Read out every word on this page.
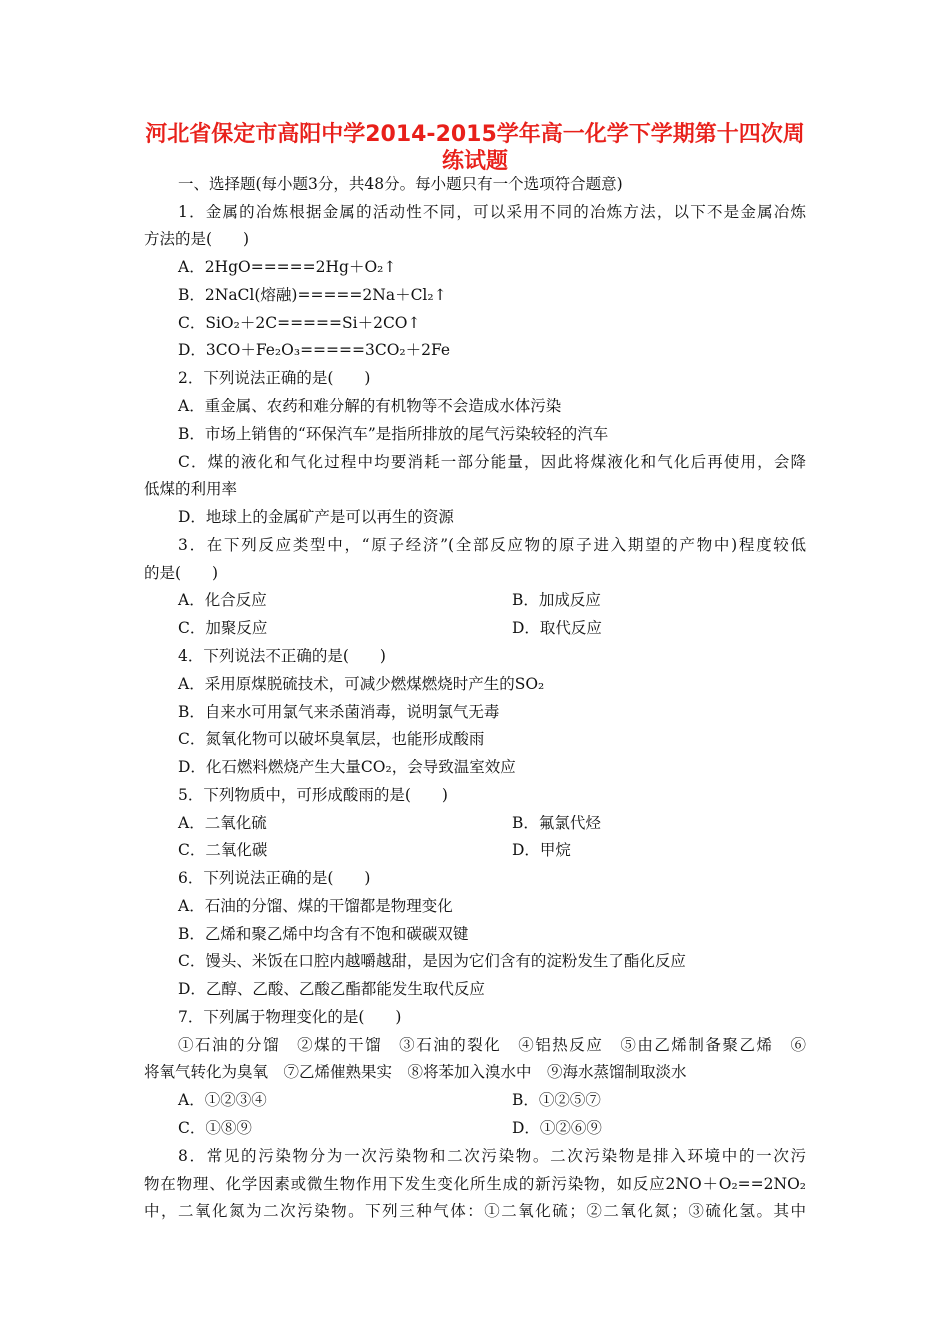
河北省保定市高阳中学2014-2015学年高一化学下学期第十四次周
练试题
一、选择题(每小题3分，共48分。每小题只有一个选项符合题意)
1．金属的冶炼根据金属的活动性不同，可以采用不同的冶炼方法，以下不是金属冶炼
方法的是(　　)
A．2HgO=====2Hg＋O₂↑
B．2NaCl(熔融)=====2Na＋Cl₂↑
C．SiO₂＋2C=====Si＋2CO↑
D．3CO＋Fe₂O₃=====3CO₂＋2Fe
2．下列说法正确的是(　　)
A．重金属、农药和难分解的有机物等不会造成水体污染
B．市场上销售的“环保汽车”是指所排放的尾气污染较轻的汽车
C．煤的液化和气化过程中均要消耗一部分能量，因此将煤液化和气化后再使用，会降
低煤的利用率
D．地球上的金属矿产是可以再生的资源
3．在下列反应类型中，“原子经济”(全部反应物的原子进入期望的产物中)程度较低
的是(　　)
A．化合反应	B．加成反应
C．加聚反应	D．取代反应
4．下列说法不正确的是(　　)
A．采用原煤脱硫技术，可减少燃煤燃烧时产生的SO₂
B．自来水可用氯气来杀菌消毒，说明氯气无毒
C．氮氧化物可以破坏臭氧层，也能形成酸雨
D．化石燃料燃烧产生大量CO₂，会导致温室效应
5．下列物质中，可形成酸雨的是(　　)
A．二氧化硫	B．氟氯代烃
C．二氧化碳	D．甲烷
6．下列说法正确的是(　　)
A．石油的分馏、煤的干馏都是物理变化
B．乙烯和聚乙烯中均含有不饱和碳碳双键
C．馒头、米饭在口腔内越嚼越甜，是因为它们含有的淀粉发生了酯化反应
D．乙醇、乙酸、乙酸乙酯都能发生取代反应
7．下列属于物理变化的是(　　)
①石油的分馏　②煤的干馏　③石油的裂化　④铝热反应　⑤由乙烯制备聚乙烯　⑥
将氧气转化为臭氧　⑦乙烯催熟果实　⑧将苯加入溴水中　⑨海水蒸馏制取淡水
A．①②③④	B．①②⑤⑦
C．①⑧⑨	D．①②⑥⑨
8．常见的污染物分为一次污染物和二次污染物。二次污染物是排入环境中的一次污
物在物理、化学因素或微生物作用下发生变化所生成的新污染物，如反应2NO＋O₂==2NO₂
中，二氧化氮为二次污染物。下列三种气体：①二氧化硫；②二氧化氮；③硫化氢。其中
